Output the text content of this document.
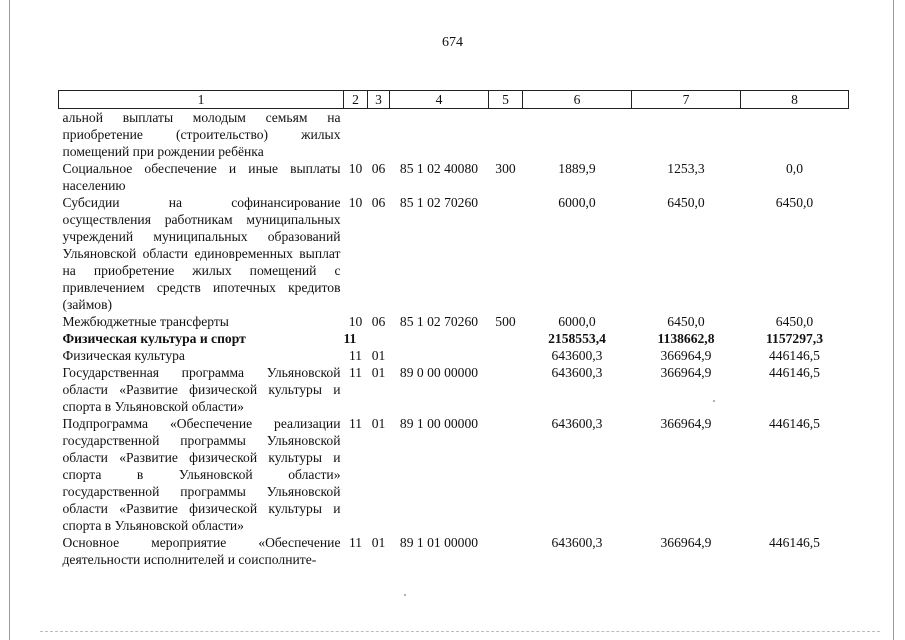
674
1	2	3	4	5	6	7	8
альной выплаты молодым семьям на приобретение (строительство) жилых помещений при рождении ребёнка							
Социальное обеспечение и иные выплаты населению	10	06	85 1 02 40080	300	1889,9	1253,3	0,0
Субсидии на софинансирование осуществления работникам муниципальных учреждений муниципальных образований Ульяновской области единовременных выплат на приобретение жилых помещений с привлечением средств ипотечных кредитов (займов)	10	06	85 1 02 70260		6000,0	6450,0	6450,0
Межбюджетные трансферты	10	06	85 1 02 70260	500	6000,0	6450,0	6450,0
Физическая культура и спорт	11				2158553,4	1138662,8	1157297,3
Физическая культура	11	01			643600,3	366964,9	446146,5
Государственная программа Ульяновской области «Развитие физической культуры и спорта в Ульяновской области»	11	01	89 0 00 00000		643600,3	366964,9	446146,5
Подпрограмма «Обеспечение реализации государственной программы Ульяновской области «Развитие физической культуры и спорта в Ульяновской области» государственной программы Ульяновской области «Развитие физической культуры и спорта в Ульяновской области»	11	01	89 1 00 00000		643600,3	366964,9	446146,5
Основное мероприятие «Обеспечение деятельности исполнителей и соисполните-	11	01	89 1 01 00000		643600,3	366964,9	446146,5
